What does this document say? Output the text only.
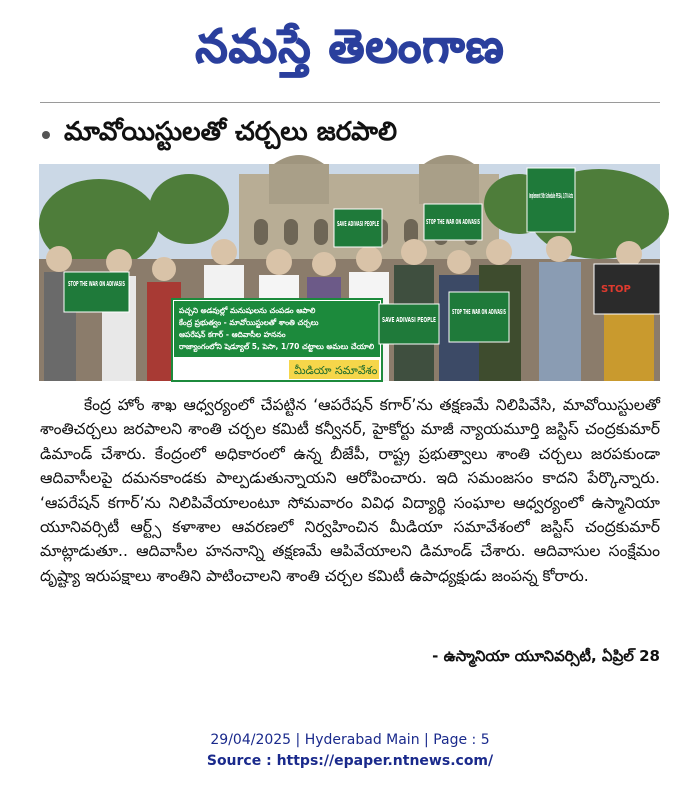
నమస్తే తెలంగాణ
మావోయిస్టులతో చర్చలు జరపాలి
పచ్చని అడవుల్లో మనుషులను చంపడం ఆపాలి
కేంద్ర ప్రభుత్వం - మావోయిస్టులతో శాంతి చర్చలు
ఆపరేషన్ కగార్ - ఆదివాసీల హననం
రాజ్యాంగంలోని షెడ్యూల్ 5, పెసా, 1/70 చట్టాలు అమలు చేయాలి
మీడియా సమావేశం
STOP THE WAR ON ADIVASIS
SAVE ADIVASI PEOPLE
SAVE ADIVASI PEOPLE
STOP THE WAR ON ADIVASIS
Implement 5th Schedule PESA, 1/70 Acts
STOP THE WAR ON ADIVASIS
STOP

కేంద్ర హోం శాఖ ఆధ్వర్యంలో చేపట్టిన ‘ఆపరేషన్ కగార్’ను తక్షణమే నిలిపివేసి, మావోయిస్టులతో శాంతిచర్చలు జరపాలని శాంతి చర్చల కమిటీ కన్వీనర్, హైకోర్టు మాజీ న్యాయమూర్తి జస్టిస్ చంద్రకుమార్ డిమాండ్ చేశారు. కేంద్రంలో అధికారంలో ఉన్న బీజేపీ, రాష్ట్ర ప్రభుత్వాలు శాంతి చర్చలు జరపకుండా ఆదివాసీలపై దమనకాండకు పాల్పడుతున్నాయని ఆరోపించారు. ఇది సమంజసం కాదని పేర్కొన్నారు. ‘ఆపరేషన్ కగార్’ను నిలిపివేయాలంటూ సోమవారం వివిధ విద్యార్థి సంఘాల ఆధ్వర్యంలో ఉస్మానియా యూనివర్సిటీ ఆర్ట్స్ కళాశాల ఆవరణలో నిర్వహించిన మీడియా సమావేశంలో జస్టిస్ చంద్రకుమార్ మాట్లాడుతూ.. ఆదివాసీల హననాన్ని తక్షణమే ఆపివేయాలని డిమాండ్ చేశారు. ఆదివాసుల సంక్షేమం దృష్ట్యా ఇరుపక్షాలు శాంతిని పాటించాలని శాంతి చర్చల కమిటీ ఉపాధ్యక్షుడు జంపన్న కోరారు.

- ఉస్మానియా యూనివర్సిటీ, ఏప్రిల్ 28
29/04/2025 | Hyderabad Main | Page : 5
Source : https://epaper.ntnews.com/
